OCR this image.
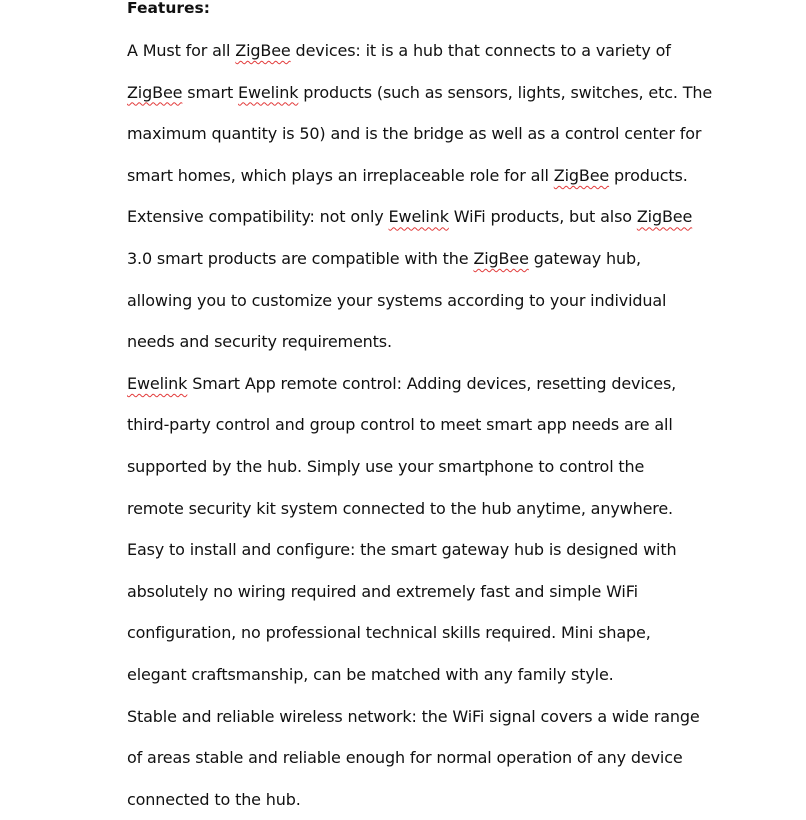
Features:
A Must for all ZigBee devices: it is a hub that connects to a variety of
ZigBee smart Ewelink products (such as sensors, lights, switches, etc. The
maximum quantity is 50) and is the bridge as well as a control center for
smart homes, which plays an irreplaceable role for all ZigBee products.
Extensive compatibility: not only Ewelink WiFi products, but also ZigBee
3.0 smart products are compatible with the ZigBee gateway hub,
allowing you to customize your systems according to your individual
needs and security requirements.
Ewelink Smart App remote control: Adding devices, resetting devices,
third-party control and group control to meet smart app needs are all
supported by the hub. Simply use your smartphone to control the
remote security kit system connected to the hub anytime, anywhere.
Easy to install and configure: the smart gateway hub is designed with
absolutely no wiring required and extremely fast and simple WiFi
configuration, no professional technical skills required. Mini shape,
elegant craftsmanship, can be matched with any family style.
Stable and reliable wireless network: the WiFi signal covers a wide range
of areas stable and reliable enough for normal operation of any device
connected to the hub.
